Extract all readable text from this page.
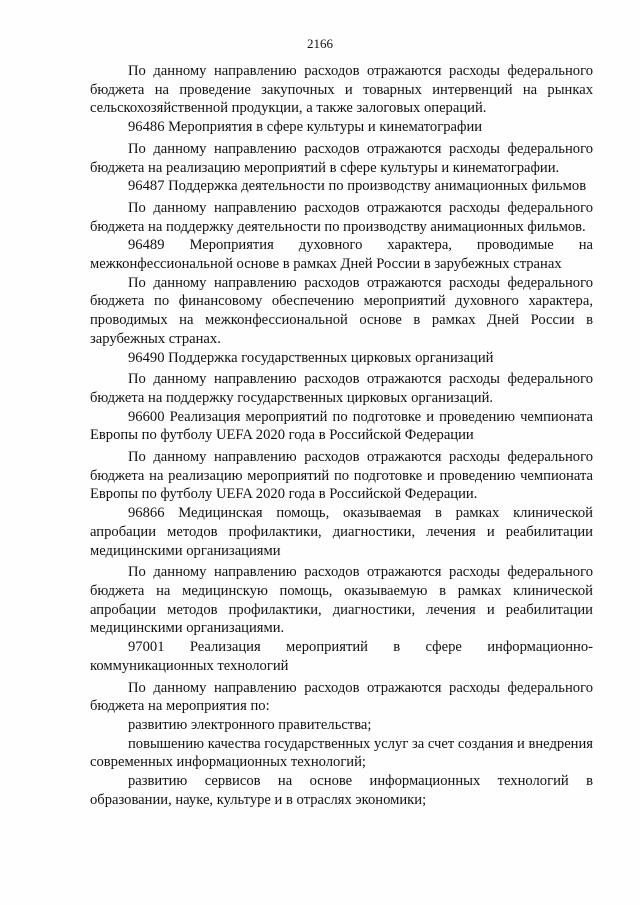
2166

По данному направлению расходов отражаются расходы федерального бюджета на проведение закупочных и товарных интервенций на рынках сельскохозяйственной продукции, а также залоговых операций.

96486 Мероприятия в сфере культуры и кинематографии

По данному направлению расходов отражаются расходы федерального бюджета на реализацию мероприятий в сфере культуры и кинематографии.

96487 Поддержка деятельности по производству анимационных фильмов

По данному направлению расходов отражаются расходы федерального бюджета на поддержку деятельности по производству анимационных фильмов.

96489 Мероприятия духовного характера, проводимые на межконфессиональной основе в рамках Дней России в зарубежных странах

По данному направлению расходов отражаются расходы федерального бюджета по финансовому обеспечению мероприятий духовного характера, проводимых на межконфессиональной основе в рамках Дней России в зарубежных странах.

96490 Поддержка государственных цирковых организаций

По данному направлению расходов отражаются расходы федерального бюджета на поддержку государственных цирковых организаций.

96600 Реализация мероприятий по подготовке и проведению чемпионата Европы по футболу UEFA 2020 года в Российской Федерации

По данному направлению расходов отражаются расходы федерального бюджета на реализацию мероприятий по подготовке и проведению чемпионата Европы по футболу UEFA 2020 года в Российской Федерации.

96866 Медицинская помощь, оказываемая в рамках клинической апробации методов профилактики, диагностики, лечения и реабилитации медицинскими организациями

По данному направлению расходов отражаются расходы федерального бюджета на медицинскую помощь, оказываемую в рамках клинической апробации методов профилактики, диагностики, лечения и реабилитации медицинскими организациями.

97001 Реализация мероприятий в сфере информационно-коммуникационных технологий

По данному направлению расходов отражаются расходы федерального бюджета на мероприятия по:

развитию электронного правительства;

повышению качества государственных услуг за счет создания и внедрения современных информационных технологий;

развитию сервисов на основе информационных технологий в образовании, науке, культуре и в отраслях экономики;
